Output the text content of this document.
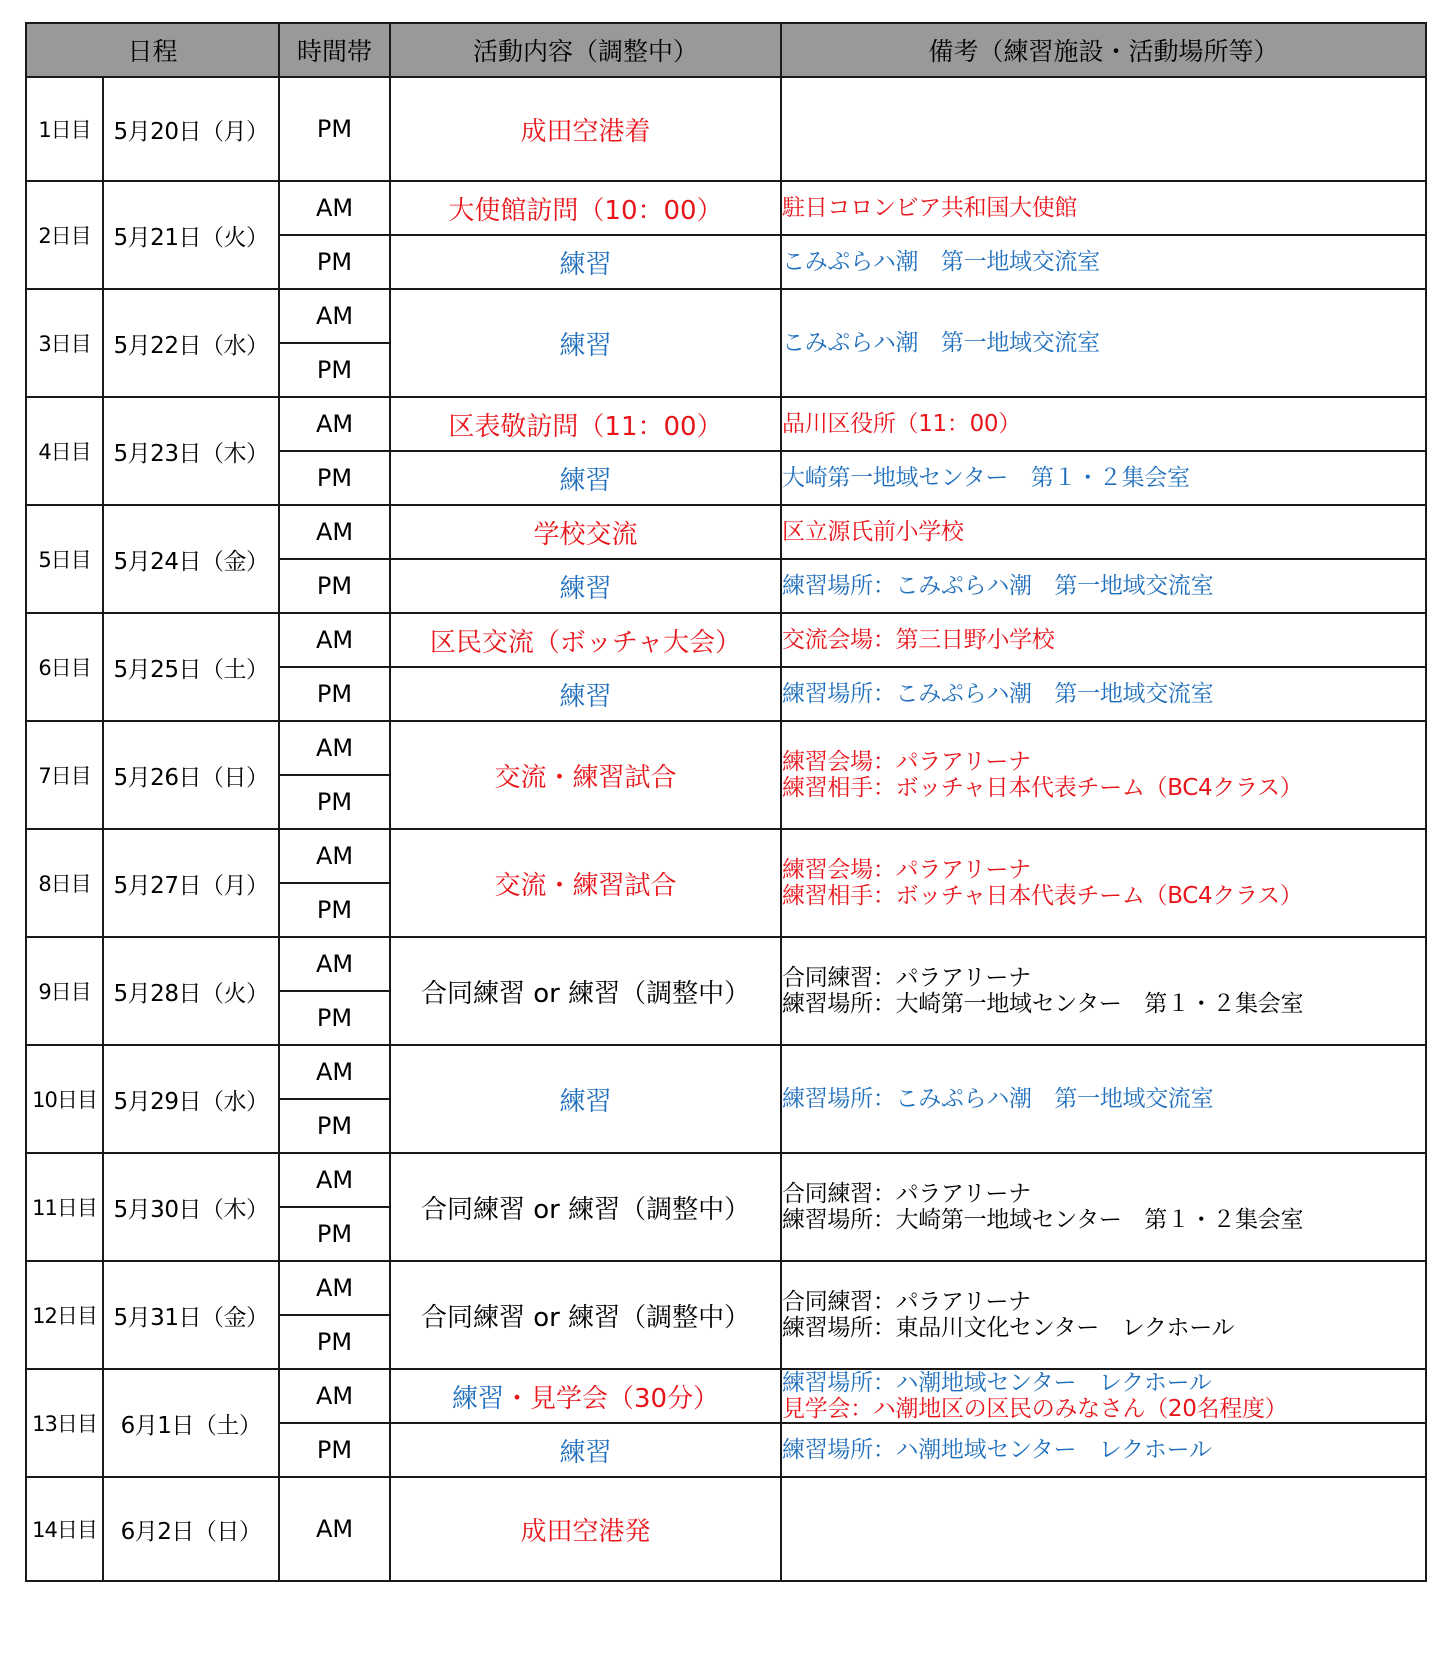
日程		時間帯	活動内容（調整中）	備考（練習施設・活動場所等）
1日目	5月20日（月）	PM	成田空港着	
2日目	5月21日（火）	AM	大使館訪問（10：00）	駐日コロンビア共和国大使館
		PM	練習	こみぷらハ潮　第一地域交流室
3日目	5月22日（水）	AM	練習	こみぷらハ潮　第一地域交流室
		PM		
4日目	5月23日（木）	AM	区表敬訪問（11：00）	品川区役所（11：00）
		PM	練習	大崎第一地域センター　第１・２集会室
5日目	5月24日（金）	AM	学校交流	区立源氏前小学校
		PM	練習	練習場所：こみぷらハ潮　第一地域交流室
6日目	5月25日（土）	AM	区民交流（ボッチャ大会）	交流会場：第三日野小学校
		PM	練習	練習場所：こみぷらハ潮　第一地域交流室
7日目	5月26日（日）	AM	交流・練習試合	練習会場：パラアリーナ
練習相手：ボッチャ日本代表チーム（BC4クラス）

		PM		
8日目	5月27日（月）	AM	交流・練習試合	練習会場：パラアリーナ
練習相手：ボッチャ日本代表チーム（BC4クラス）

		PM		
9日目	5月28日（火）	AM	合同練習 or 練習（調整中）	合同練習：パラアリーナ
練習場所：大崎第一地域センター　第１・２集会室

		PM		
10日目	5月29日（水）	AM	練習	練習場所：こみぷらハ潮　第一地域交流室
		PM		
11日目	5月30日（木）	AM	合同練習 or 練習（調整中）	合同練習：パラアリーナ
練習場所：大崎第一地域センター　第１・２集会室

		PM		
12日目	5月31日（金）	AM	合同練習 or 練習（調整中）	合同練習：パラアリーナ
練習場所：東品川文化センター　レクホール

		PM		
13日目	6月1日（土）	AM	練習・見学会（30分）	練習場所：ハ潮地域センター　レクホール
見学会：ハ潮地区の区民のみなさん（20名程度）

		PM	練習	練習場所：ハ潮地域センター　レクホール
14日目	6月2日（日）	AM	成田空港発	
